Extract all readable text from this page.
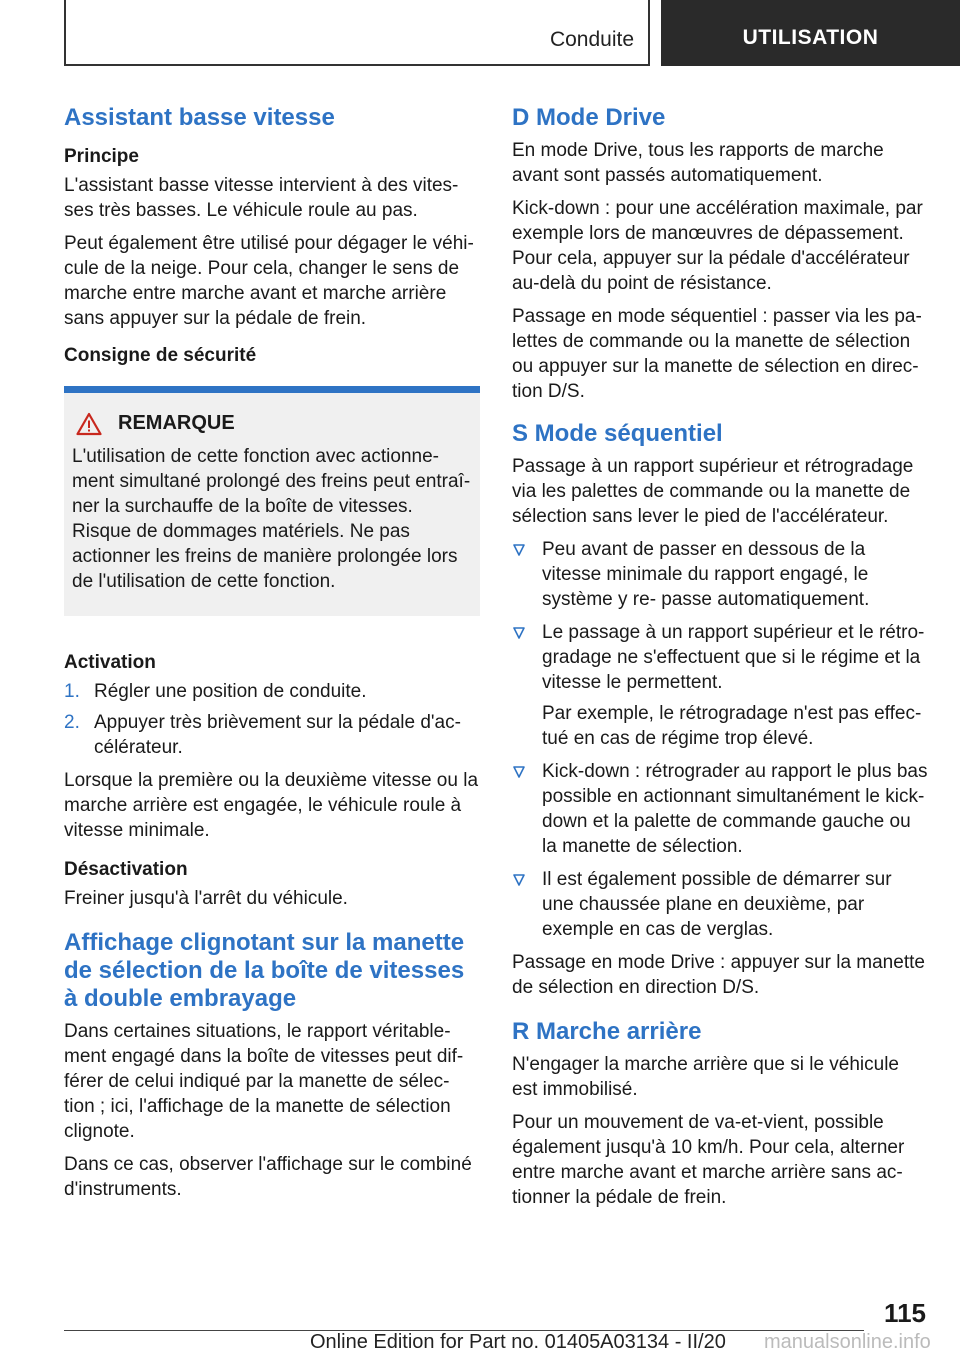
Conduite	UTILISATION
Assistant basse vitesse
Principe

L'assistant basse vitesse intervient à des vites‐ ses très basses. Le véhicule roule au pas.

Peut également être utilisé pour dégager le véhi‐ cule de la neige. Pour cela, changer le sens de marche entre marche avant et marche arrière sans appuyer sur la pédale de frein.

Consigne de sécurité
REMARQUE

L'utilisation de cette fonction avec actionne‐ ment simultané prolongé des freins peut entraî‐ ner la surchauffe de la boîte de vitesses. Risque de dommages matériels. Ne pas actionner les freins de manière prolongée lors de l'utilisation de cette fonction.

Activation
1. Régler une position de conduite.
2. Appuyer très brièvement sur la pédale d'ac‐ célérateur.

Lorsque la première ou la deuxième vitesse ou la marche arrière est engagée, le véhicule roule à vitesse minimale.

Désactivation

Freiner jusqu'à l'arrêt du véhicule.

Affichage clignotant sur la manette de sélection de la boîte de vitesses à double embrayage

Dans certaines situations, le rapport véritable‐ ment engagé dans la boîte de vitesses peut dif‐ férer de celui indiqué par la manette de sélec‐ tion ; ici, l'affichage de la manette de sélection clignote.

Dans ce cas, observer l'affichage sur le combiné d'instruments.

D Mode Drive

En mode Drive, tous les rapports de marche avant sont passés automatiquement.

Kick-down : pour une accélération maximale, par exemple lors de manœuvres de dépassement. Pour cela, appuyer sur la pédale d'accélérateur au-delà du point de résistance.

Passage en mode séquentiel : passer via les pa‐ lettes de commande ou la manette de sélection ou appuyer sur la manette de sélection en direc‐ tion D/S.

S Mode séquentiel

Passage à un rapport supérieur et rétrogradage via les palettes de commande ou la manette de sélection sans lever le pied de l'accélérateur.

Peu avant de passer en dessous de la vitesse minimale du rapport engagé, le système y re‐ passe automatiquement.
Le passage à un rapport supérieur et le rétro‐ gradage ne s'effectuent que si le régime et la vitesse le permettent.
Par exemple, le rétrogradage n'est pas effec‐ tué en cas de régime trop élevé.
Kick-down : rétrograder au rapport le plus bas possible en actionnant simultanément le kick‐ down et la palette de commande gauche ou la manette de sélection.
Il est également possible de démarrer sur une chaussée plane en deuxième, par exemple en cas de verglas.

Passage en mode Drive : appuyer sur la manette de sélection en direction D/S.

R Marche arrière

N'engager la marche arrière que si le véhicule est immobilisé.

Pour un mouvement de va-et-vient, possible également jusqu'à 10 km/h. Pour cela, alterner entre marche avant et marche arrière sans ac‐ tionner la pédale de frein.

115
Online Edition for Part no. 01405A03134 - II/20 manualsonline.info
